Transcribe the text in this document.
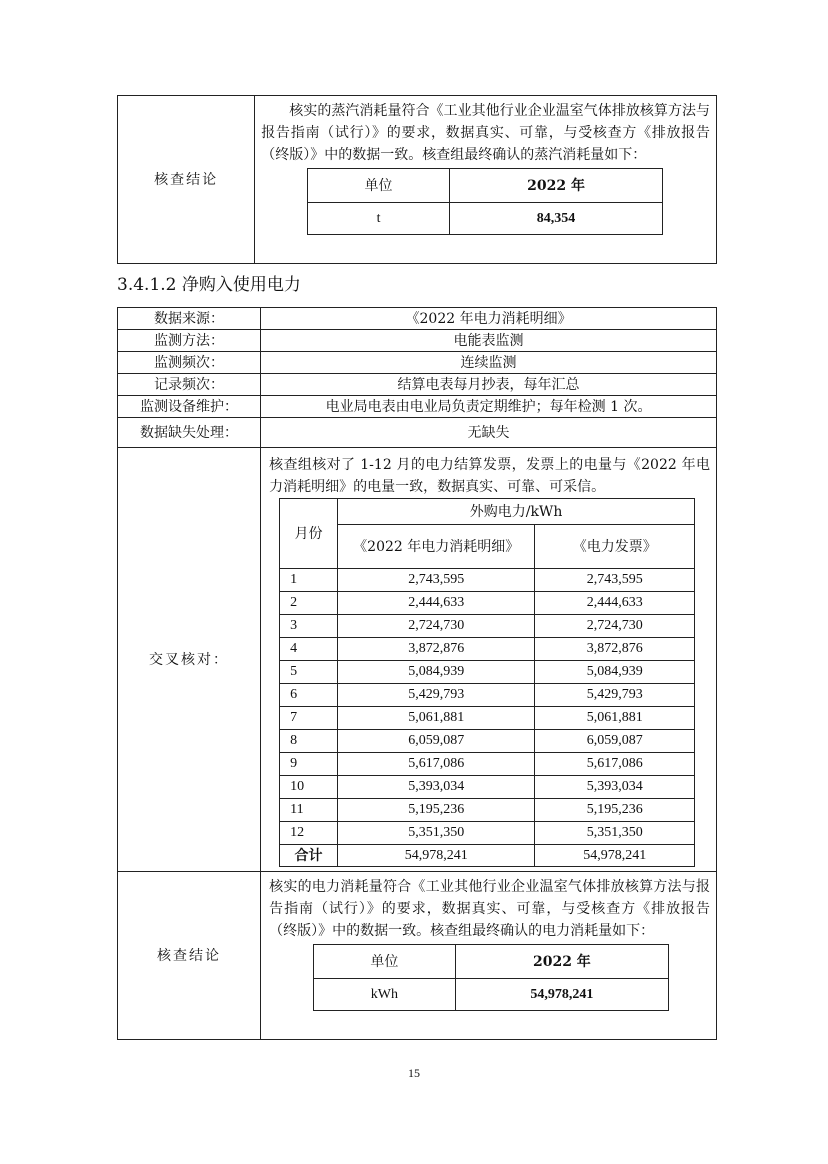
核查结论	
核实的蒸汽消耗量符合《工业其他行业企业温室气体排放核算方法与报告指南（试行）》的要求，数据真实、可靠，与受核查方《排放报告（终版）》中的数据一致。核查组最终确认的蒸汽消耗量如下：
单位	2022 年
t	84,354
3.4.1.2 净购入使用电力
数据来源：	《2022 年电力消耗明细》
监测方法：	电能表监测
监测频次：	连续监测
记录频次：	结算电表每月抄表，每年汇总
监测设备维护：	电业局电表由电业局负责定期维护；每年检测 1 次。
数据缺失处理：	无缺失
交叉核对：	
核查组核对了 1-12 月的电力结算发票，发票上的电量与《2022 年电力消耗明细》的电量一致，数据真实、可靠、可采信。
月份	外购电力/kWh
《2022 年电力消耗明细》	《电力发票》
1	2,743,595	2,743,595
2	2,444,633	2,444,633
3	2,724,730	2,724,730
4	3,872,876	3,872,876
5	5,084,939	5,084,939
6	5,429,793	5,429,793
7	5,061,881	5,061,881
8	6,059,087	6,059,087
9	5,617,086	5,617,086
10	5,393,034	5,393,034
11	5,195,236	5,195,236
12	5,351,350	5,351,350
合计	54,978,241	54,978,241

核查结论	
核实的电力消耗量符合《工业其他行业企业温室气体排放核算方法与报告指南（试行）》的要求，数据真实、可靠，与受核查方《排放报告（终版）》中的数据一致。核查组最终确认的电力消耗量如下：
单位	2022 年
kWh	54,978,241
15
